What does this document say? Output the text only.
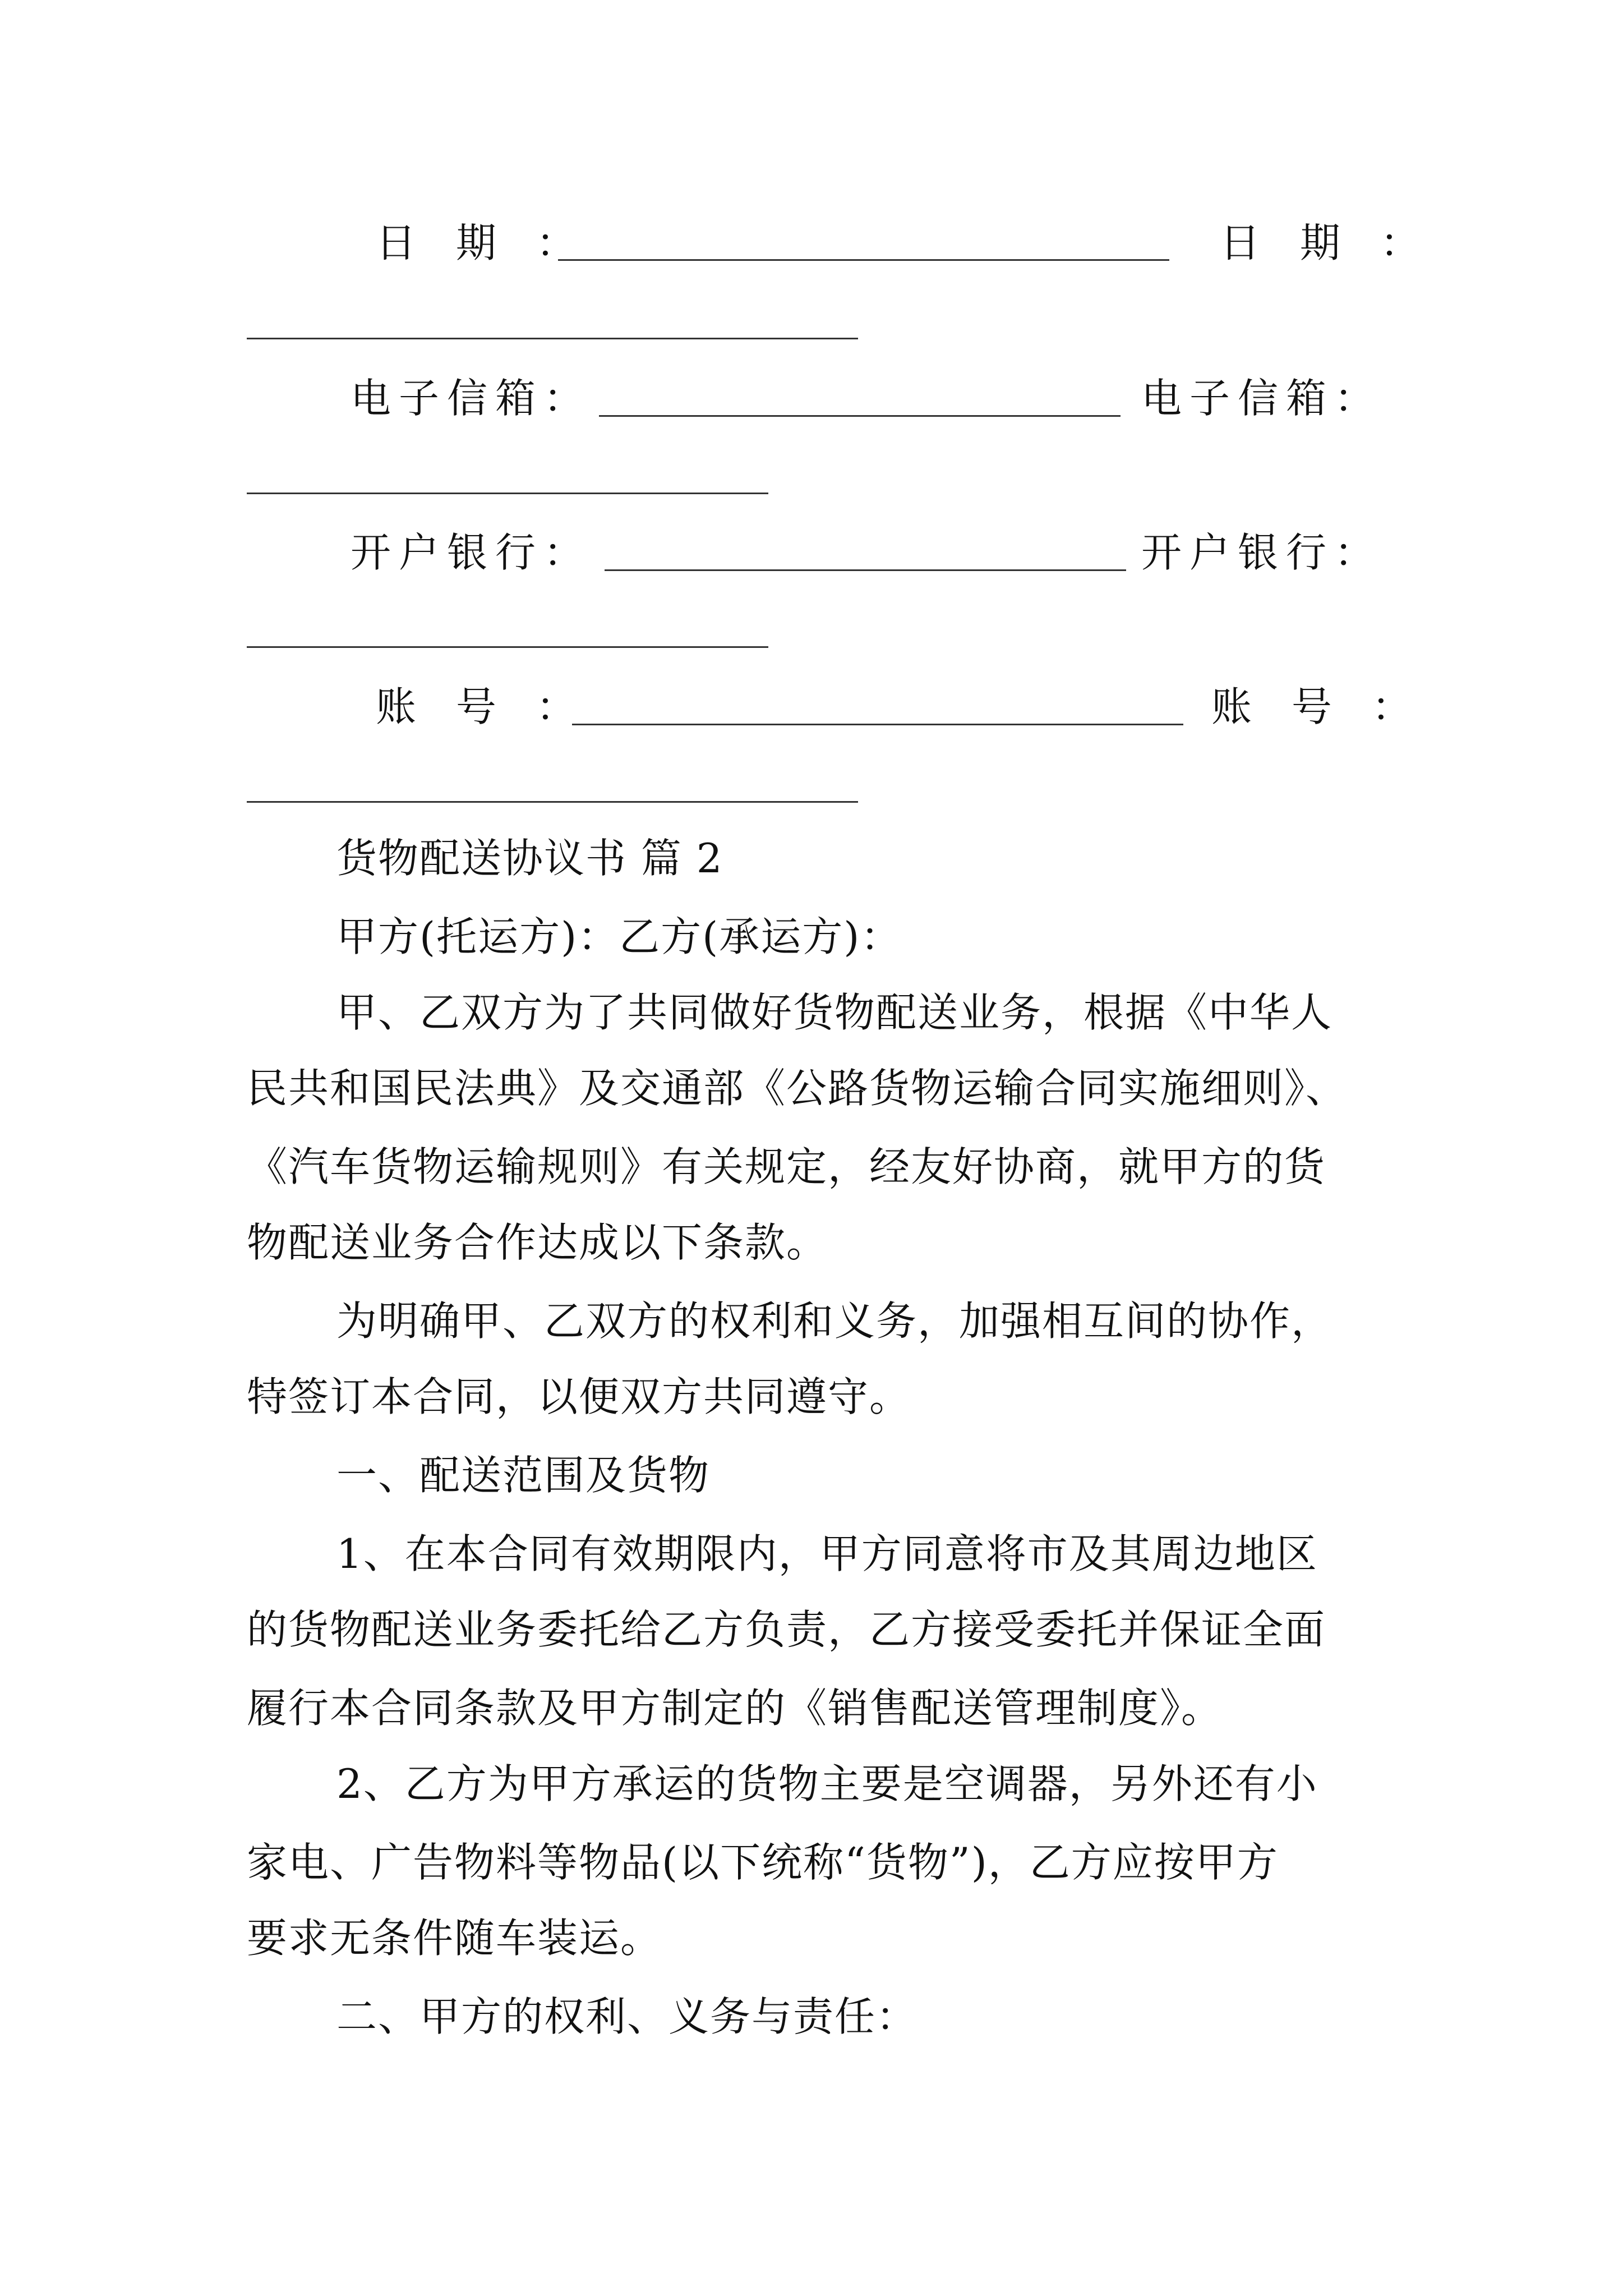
日 期 ：	日 期 ：
电子信箱：	电子信箱：
开户银行：	开户银行：
账 号 ：	账 号 ：
货物配送协议书 篇 2
甲方(托运方)：乙方(承运方)：
甲、乙双方为了共同做好货物配送业务，根据《中华人
民共和国民法典》及交通部《公路货物运输合同实施细则》、
《汽车货物运输规则》有关规定，经友好协商，就甲方的货
物配送业务合作达成以下条款。
为明确甲、乙双方的权利和义务，加强相互间的协作，
特签订本合同，以便双方共同遵守。
一、配送范围及货物
1、在本合同有效期限内，甲方同意将市及其周边地区
的货物配送业务委托给乙方负责，乙方接受委托并保证全面
履行本合同条款及甲方制定的《销售配送管理制度》。
2、乙方为甲方承运的货物主要是空调器，另外还有小
家电、广告物料等物品(以下统称“货物”)，乙方应按甲方
要求无条件随车装运。
二、甲方的权利、义务与责任：
